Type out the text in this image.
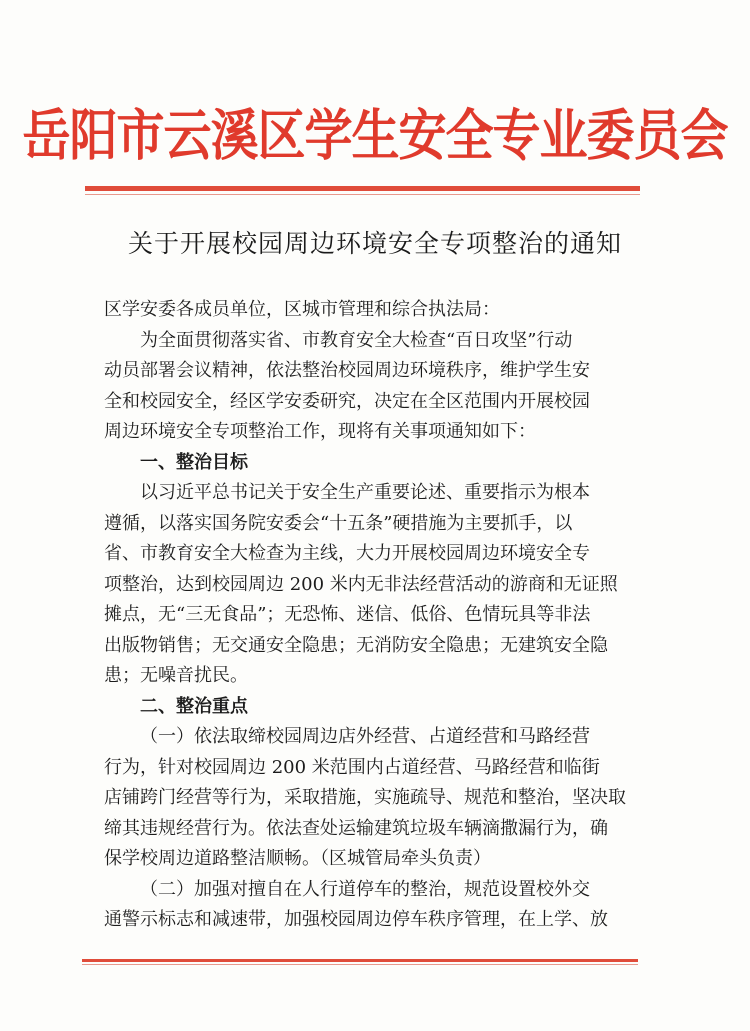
岳阳市云溪区学生安全专业委员会
关于开展校园周边环境安全专项整治的通知
区学安委各成员单位，区城市管理和综合执法局：
为全面贯彻落实省、市教育安全大检查“百日攻坚”行动
动员部署会议精神，依法整治校园周边环境秩序，维护学生安
全和校园安全，经区学安委研究，决定在全区范围内开展校园
周边环境安全专项整治工作，现将有关事项通知如下：
一、整治目标
以习近平总书记关于安全生产重要论述、重要指示为根本
遵循，以落实国务院安委会“十五条”硬措施为主要抓手，以
省、市教育安全大检查为主线，大力开展校园周边环境安全专
项整治，达到校园周边 200 米内无非法经营活动的游商和无证照
摊点，无“三无食品”；无恐怖、迷信、低俗、色情玩具等非法
出版物销售；无交通安全隐患；无消防安全隐患；无建筑安全隐
患；无噪音扰民。
二、整治重点
（一）依法取缔校园周边店外经营、占道经营和马路经营
行为，针对校园周边 200 米范围内占道经营、马路经营和临街
店铺跨门经营等行为，采取措施，实施疏导、规范和整治，坚决取
缔其违规经营行为。依法查处运输建筑垃圾车辆滴撒漏行为，确
保学校周边道路整洁顺畅。（区城管局牵头负责）
（二）加强对擅自在人行道停车的整治，规范设置校外交
通警示标志和减速带，加强校园周边停车秩序管理，在上学、放
